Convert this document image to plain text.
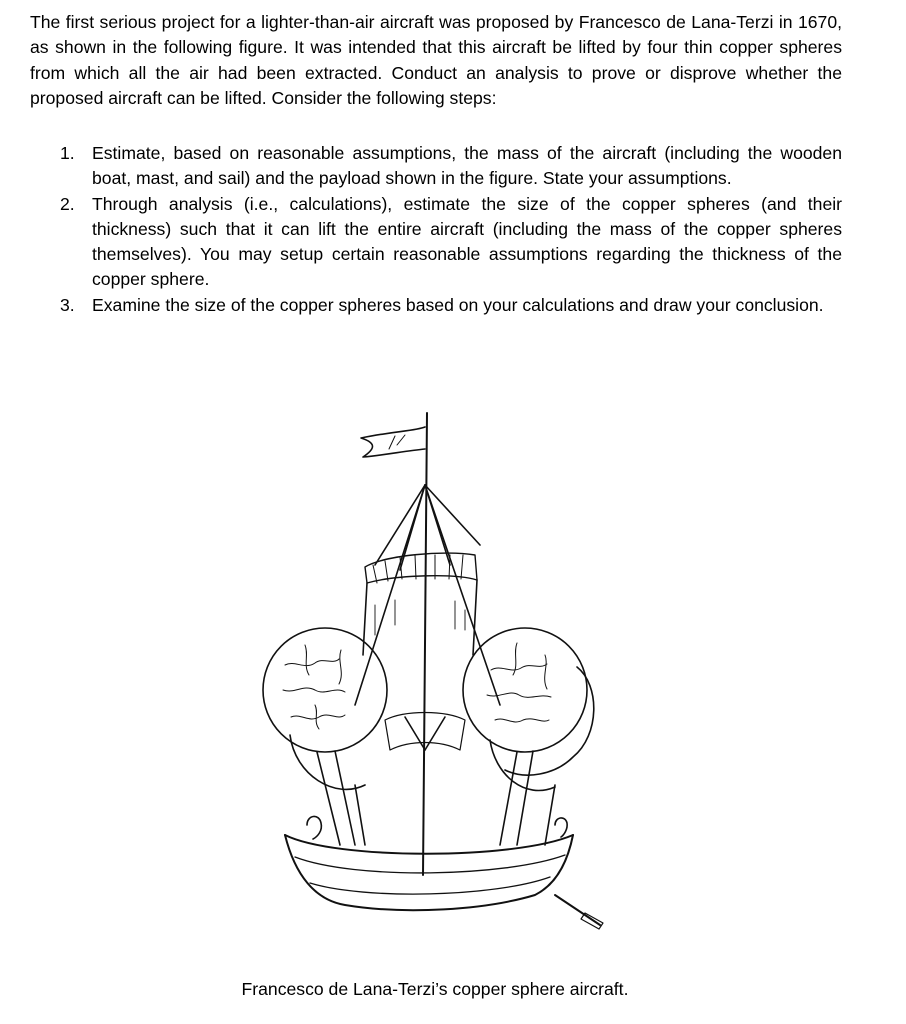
The first serious project for a lighter-than-air aircraft was proposed by Francesco de Lana-Terzi in 1670, as shown in the following figure. It was intended that this aircraft be lifted by four thin copper spheres from which all the air had been extracted. Conduct an analysis to prove or disprove whether the proposed aircraft can be lifted. Consider the following steps:

1. Estimate, based on reasonable assumptions, the mass of the aircraft (including the wooden boat, mast, and sail) and the payload shown in the figure. State your assumptions.
2. Through analysis (i.e., calculations), estimate the size of the copper spheres (and their thickness) such that it can lift the entire aircraft (including the mass of the copper spheres themselves). You may setup certain reasonable assumptions regarding the thickness of the copper sphere.
3. Examine the size of the copper spheres based on your calculations and draw your conclusion.
Francesco de Lana-Terzi’s copper sphere aircraft.
